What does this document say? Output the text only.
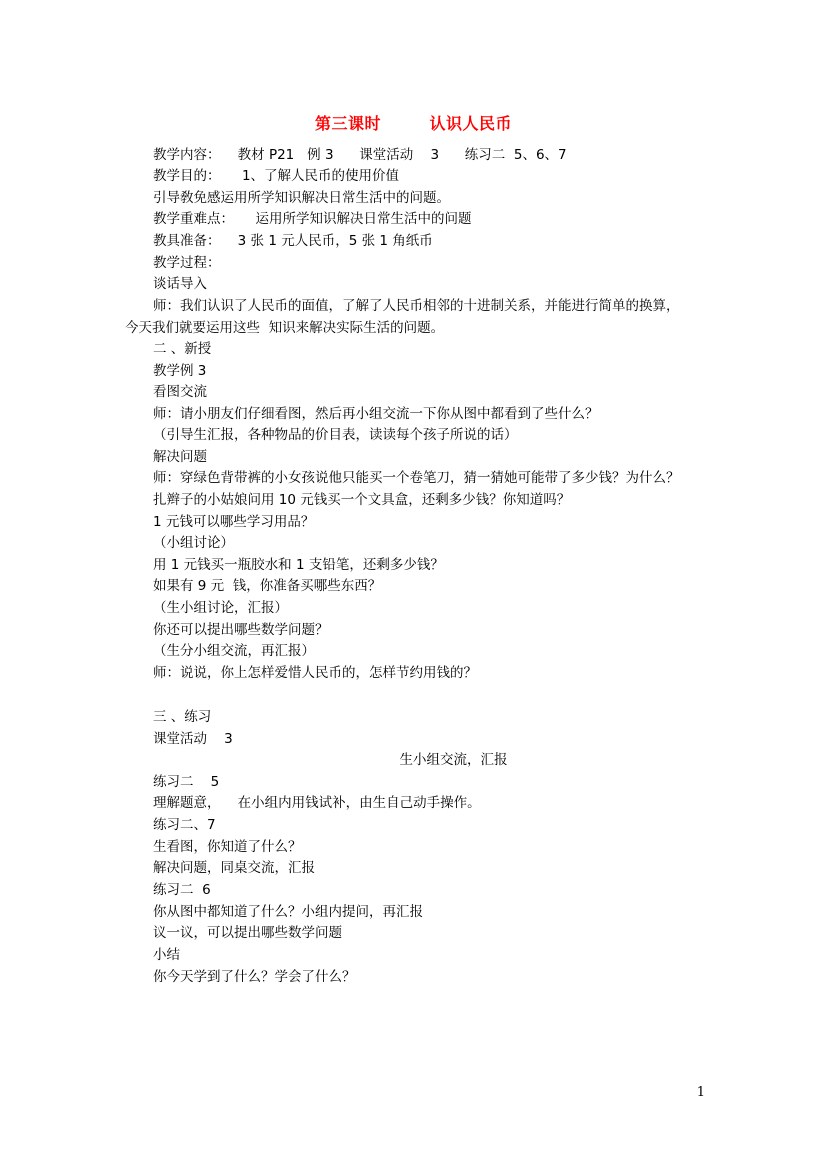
第三课时        认识人民币
教学内容：    教材 P21   例 3      课堂活动    3      练习二  5、6、7
教学目的：     1、了解人民币的使用价值
引导敎免感运用所学知识解决日常生活中的问题。
教学重难点：     运用所学知识解决日常生活中的问题
教具准备：    3 张 1 元人民币，5 张 1 角纸币
教学过程：
谈话导入
师：我们认识了人民币的面值，了解了人民币相邻的十进制关系，并能进行简单的换算，
今天我们就要运用这些  知识来解决实际生活的问题。
二 、新授
教学例 3
看图交流
师：请小朋友们仔细看图，然后再小组交流一下你从图中都看到了些什么？
（引导生汇报，各种物品的价目表，读读每个孩子所说的话）
解决问题
师：穿绿色背带裤的小女孩说他只能买一个卷笔刀，猜一猜她可能带了多少钱？为什么？
扎辫子的小姑娘问用 10 元钱买一个文具盒，还剩多少钱？你知道吗？
1 元钱可以哪些学习用品？
（小组讨论）
用 1 元钱买一瓶胶水和 1 支铅笔，还剩多少钱？
如果有 9 元  钱，你准备买哪些东西？
（生小组讨论，汇报）
你还可以提出哪些数学问题？
（生分小组交流，再汇报）
师：说说，你上怎样爱惜人民币的，怎样节约用钱的？
三 、练习
课堂活动    3
生小组交流，汇报
练习二    5
理解题意，    在小组内用钱试补，由生自己动手操作。
练习二、7
生看图，你知道了什么？
解决问题，同桌交流，汇报
练习二  6
你从图中都知道了什么？小组内提问，再汇报
议一议，可以提出哪些数学问题
小结
你今天学到了什么？学会了什么？
1
